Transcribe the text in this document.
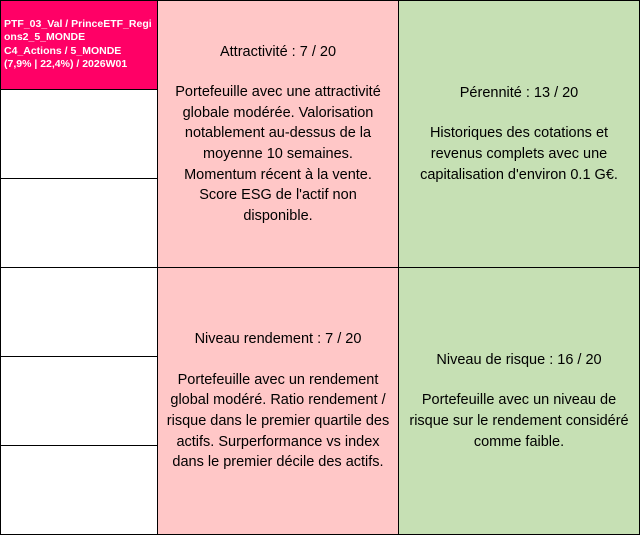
PTF_03_Val / PrinceETF_Regions2_5_MONDE
C4_Actions / 5_MONDE
(7,9% | 22,4%) / 2026W01

Attractivité : 7 / 20
Portefeuille avec une attractivité globale modérée. Valorisation notablement au-dessus de la moyenne 10 semaines. Momentum récent à la vente. Score ESG de l'actif non disponible.
Pérennité : 13 / 20
Historiques des cotations et revenus complets avec une capitalisation d'environ 0.1 G€.
Niveau rendement : 7 / 20
Portefeuille avec un rendement global modéré. Ratio rendement / risque dans le premier quartile des actifs. Surperformance vs index dans le premier décile des actifs.
Niveau de risque : 16 / 20
Portefeuille avec un niveau de risque sur le rendement considéré comme faible.
